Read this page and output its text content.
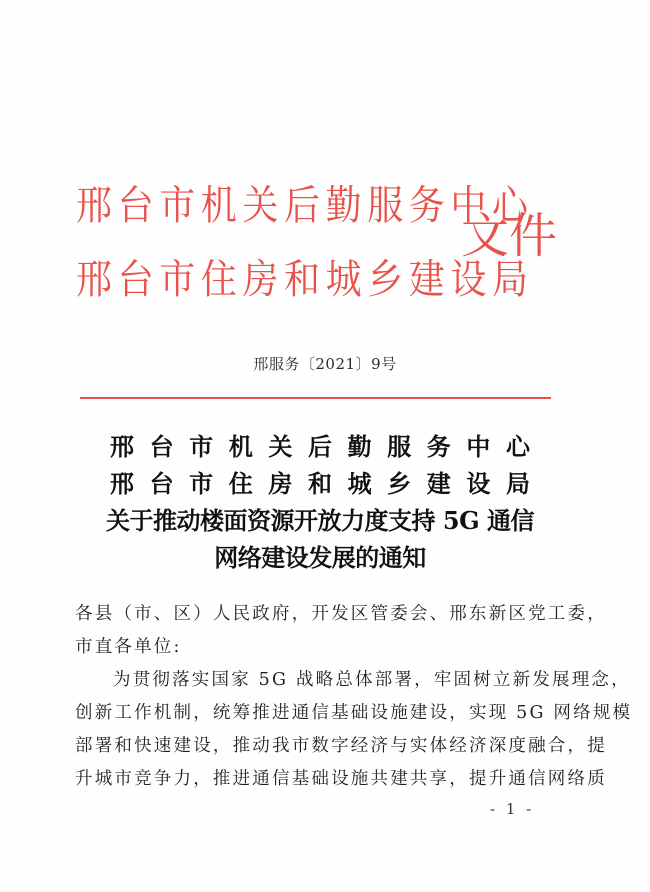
邢台市机关后勤服务中心
邢台市住房和城乡建设局
文件
邢服务〔2021〕9号
邢台市机关后勤服务中心
邢台市住房和城乡建设局
关于推动楼面资源开放力度支持 5G 通信
网络建设发展的通知

各县（市、区）人民政府，开发区管委会、邢东新区党工委，

市直各单位:

为贯彻落实国家 5G 战略总体部署，牢固树立新发展理念，

创新工作机制，统筹推进通信基础设施建设，实现 5G 网络规模

部署和快速建设，推动我市数字经济与实体经济深度融合，提

升城市竞争力，推进通信基础设施共建共享，提升通信网络质

- 1 -
